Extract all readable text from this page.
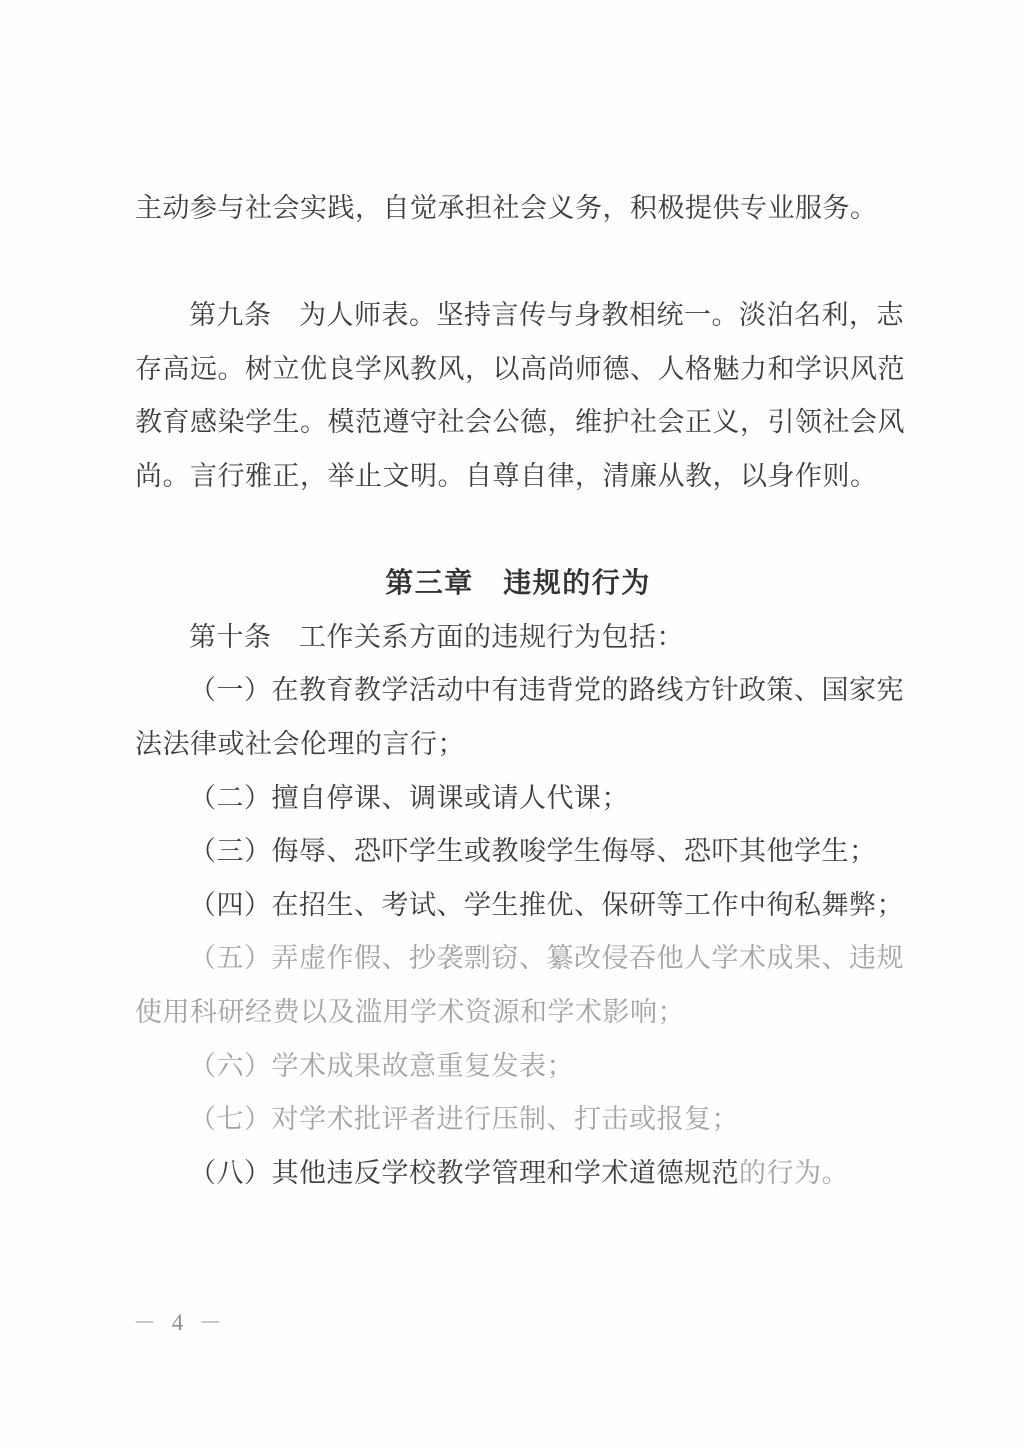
主动参与社会实践，自觉承担社会义务，积极提供专业服务。

第九条　为人师表。坚持言传与身教相统一。淡泊名利，志

存高远。树立优良学风教风，以高尚师德、人格魅力和学识风范

教育感染学生。模范遵守社会公德，维护社会正义，引领社会风

尚。言行雅正，举止文明。自尊自律，清廉从教，以身作则。

第三章　违规的行为

第十条　工作关系方面的违规行为包括：

（一）在教育教学活动中有违背党的路线方针政策、国家宪

法法律或社会伦理的言行；

（二）擅自停课、调课或请人代课；

（三）侮辱、恐吓学生或教唆学生侮辱、恐吓其他学生；

（四）在招生、考试、学生推优、保研等工作中徇私舞弊；

（五）弄虚作假、抄袭剽窃、纂改侵吞他人学术成果、违规

使用科研经费以及滥用学术资源和学术影响；

（六）学术成果故意重复发表；

（七）对学术批评者进行压制、打击或报复；

（八）其他违反学校教学管理和学术道德规范的行为。

－ 4 －
